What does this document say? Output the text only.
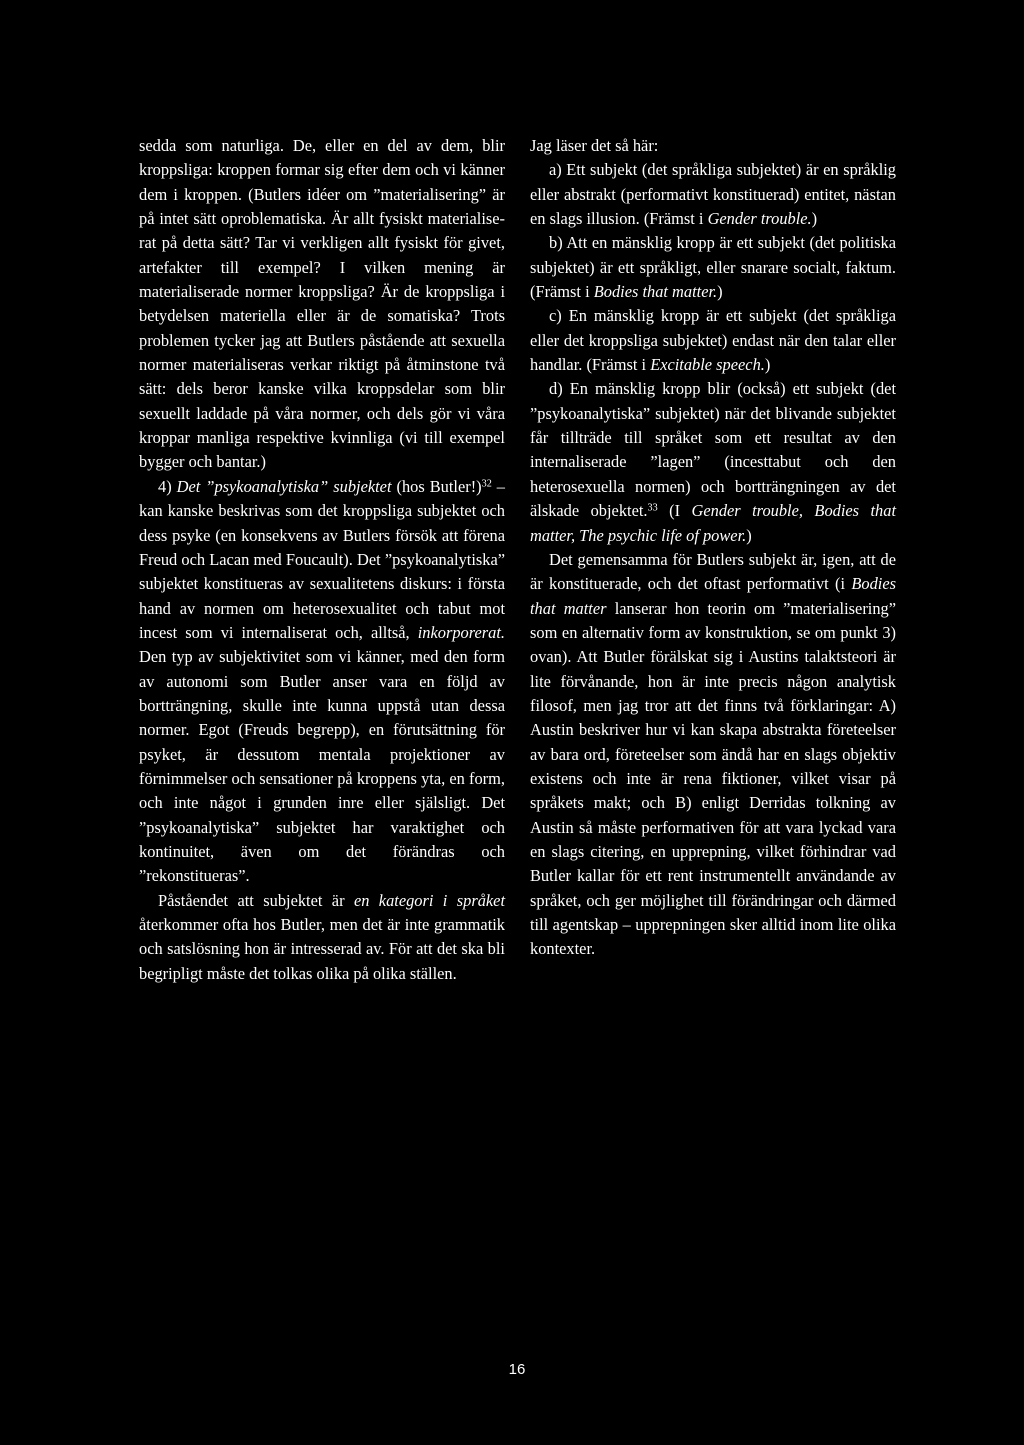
sedda som naturliga. De, eller en del av dem, blir kroppsliga: kroppen formar sig efter dem och vi känner dem i kroppen. (Butlers idéer om ”materialisering” är på intet sätt oproblematiska. Är allt fysiskt materialiserat på detta sätt? Tar vi verkligen allt fysiskt för givet, artefakter till exempel? I vilken mening är materialiserade normer kroppsliga? Är de kroppsliga i betydelsen materiella eller är de somatiska? Trots problemen tycker jag att Butlers påstående att sexuella normer materialiseras verkar riktigt på åtminstone två sätt: dels beror kanske vilka kroppsdelar som blir sexuellt laddade på våra normer, och dels gör vi våra kroppar manliga respektive kvinnliga (vi till exempel bygger och bantar.)

4) Det ”psykoanalytiska” subjektet (hos Butler!)$^{32}$ – kan kanske beskrivas som det kroppsliga subjektet och dess psyke (en konsekvens av Butlers försök att förena Freud och Lacan med Foucault). Det ”psykoanalytiska” subjektet konstitueras av sexualitetens diskurs: i första hand av normen om heterosexualitet och tabut mot incest som vi internaliserat och, alltså, inkorporerat. Den typ av subjektivitet som vi känner, med den form av autonomi som Butler anser vara en följd av bortträngning, skulle inte kunna uppstå utan dessa normer. Egot (Freuds begrepp), en förutsättning för psyket, är dessutom mentala projektioner av förnimmelser och sensationer på kroppens yta, en form, och inte något i grunden inre eller själsligt. Det ”psykoanalytiska” subjektet har varaktighet och kontinuitet, även om det förändras och ”rekonstitueras”.

Påståendet att subjektet är en kategori i språket återkommer ofta hos Butler, men det är inte grammatik och satslösning hon är intresserad av. För att det ska bli begripligt måste det tolkas olika på olika ställen.

Jag läser det så här:

a) Ett subjekt (det språkliga subjektet) är en språklig eller abstrakt (performativt konstituerad) entitet, nästan en slags illusion. (Främst i Gender trouble.)

b) Att en mänsklig kropp är ett subjekt (det politiska subjektet) är ett språkligt, eller snarare socialt, faktum. (Främst i Bodies that matter.)

c) En mänsklig kropp är ett subjekt (det språkliga eller det kroppsliga subjektet) endast när den talar eller handlar. (Främst i Excitable speech.)

d) En mänsklig kropp blir (också) ett subjekt (det ”psykoanalytiska” subjektet) när det blivande subjektet får tillträde till språket som ett resultat av den internaliserade ”lagen” (incesttabut och den heterosexuella normen) och bortträngningen av det älskade objektet.$^{33}$ (I Gender trouble, Bodies that matter, The psychic life of power.)

Det gemensamma för Butlers subjekt är, igen, att de är konstituerade, och det oftast performativt (i Bodies that matter lanserar hon teorin om ”materialisering” som en alternativ form av konstruktion, se om punkt 3) ovan). Att Butler förälskat sig i Austins talaktsteori är lite förvånande, hon är inte precis någon analytisk filosof, men jag tror att det finns två förklaringar: A) Austin beskriver hur vi kan skapa abstrakta företeelser av bara ord, företeelser som ändå har en slags objektiv existens och inte är rena fiktioner, vilket visar på språkets makt; och B) enligt Derridas tolkning av Austin så måste performativen för att vara lyckad vara en slags citering, en upprepning, vilket förhindrar vad Butler kallar för ett rent instrumentellt användande av språket, och ger möjlighet till förändringar och därmed till agentskap – upprepningen sker alltid inom lite olika kontexter.

16
